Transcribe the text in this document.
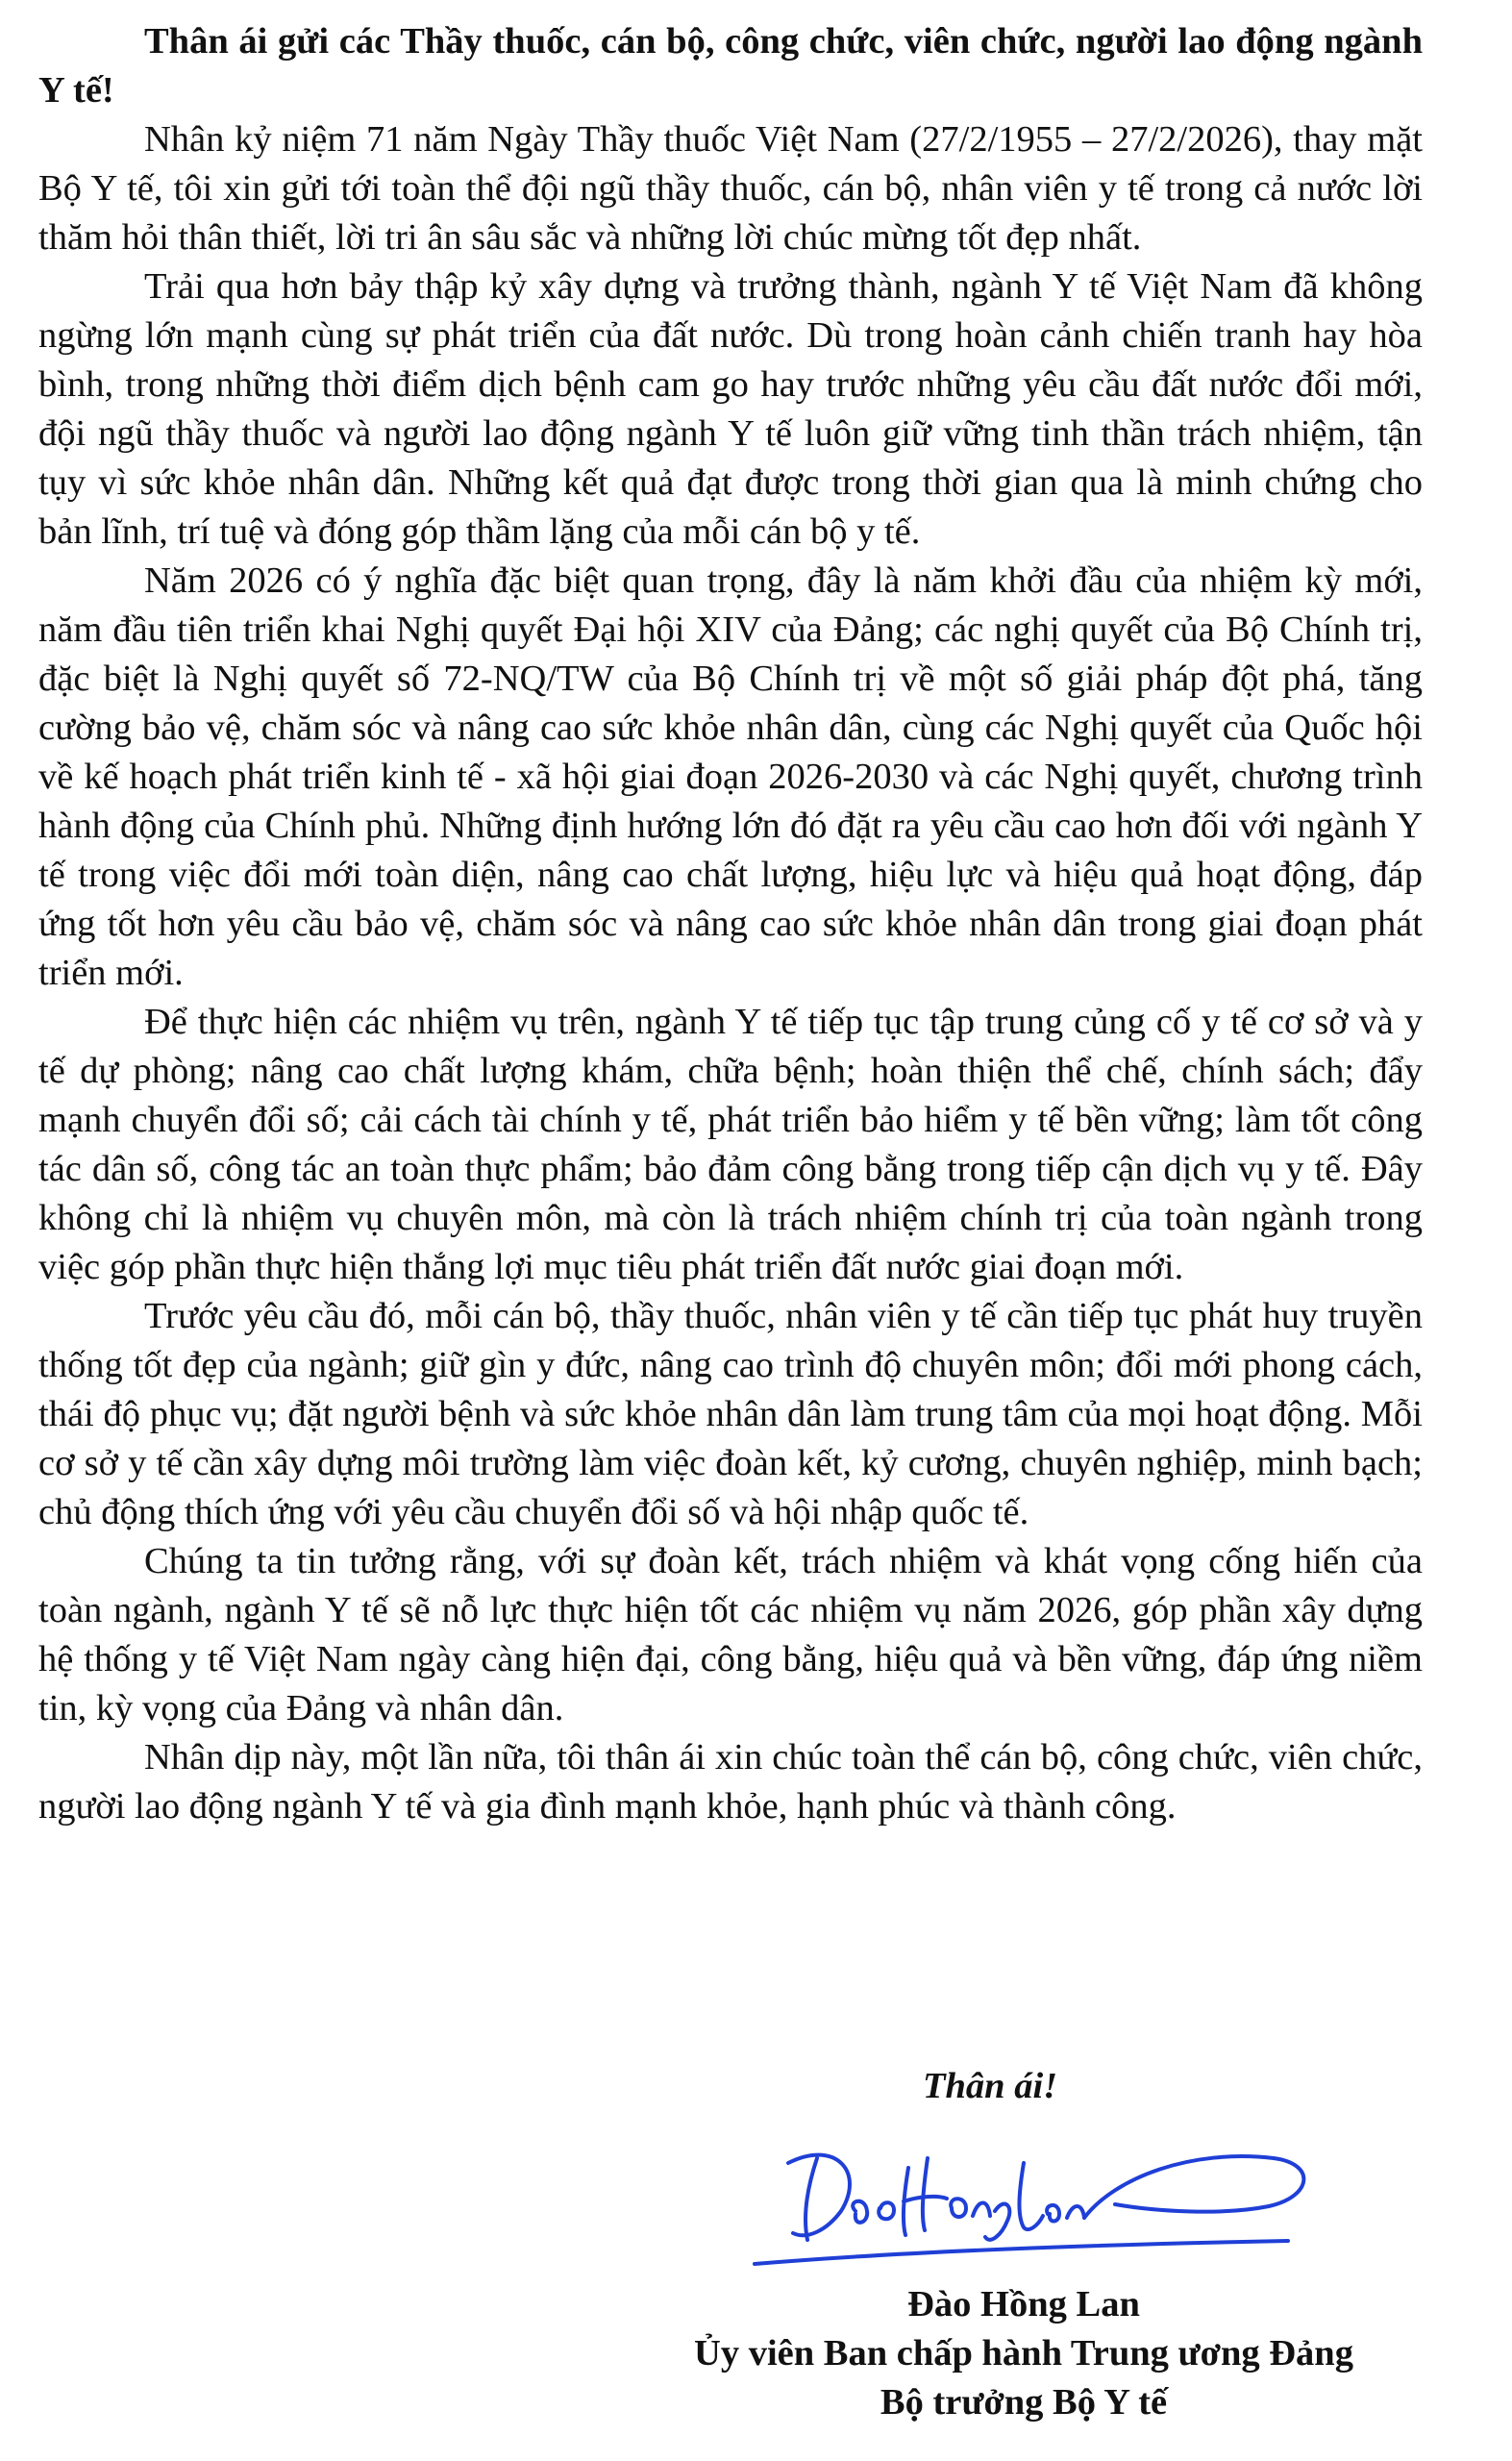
Thân ái gửi các Thầy thuốc, cán bộ, công chức, viên chức, người lao động ngành Y tế!

Nhân kỷ niệm 71 năm Ngày Thầy thuốc Việt Nam (27/2/1955 – 27/2/2026), thay mặt Bộ Y tế, tôi xin gửi tới toàn thể đội ngũ thầy thuốc, cán bộ, nhân viên y tế trong cả nước lời thăm hỏi thân thiết, lời tri ân sâu sắc và những lời chúc mừng tốt đẹp nhất.

Trải qua hơn bảy thập kỷ xây dựng và trưởng thành, ngành Y tế Việt Nam đã không ngừng lớn mạnh cùng sự phát triển của đất nước. Dù trong hoàn cảnh chiến tranh hay hòa bình, trong những thời điểm dịch bệnh cam go hay trước những yêu cầu đất nước đổi mới, đội ngũ thầy thuốc và người lao động ngành Y tế luôn giữ vững tinh thần trách nhiệm, tận tụy vì sức khỏe nhân dân. Những kết quả đạt được trong thời gian qua là minh chứng cho bản lĩnh, trí tuệ và đóng góp thầm lặng của mỗi cán bộ y tế.

Năm 2026 có ý nghĩa đặc biệt quan trọng, đây là năm khởi đầu của nhiệm kỳ mới, năm đầu tiên triển khai Nghị quyết Đại hội XIV của Đảng; các nghị quyết của Bộ Chính trị, đặc biệt là Nghị quyết số 72-NQ/TW của Bộ Chính trị về một số giải pháp đột phá, tăng cường bảo vệ, chăm sóc và nâng cao sức khỏe nhân dân, cùng các Nghị quyết của Quốc hội về kế hoạch phát triển kinh tế - xã hội giai đoạn 2026-2030 và các Nghị quyết, chương trình hành động của Chính phủ. Những định hướng lớn đó đặt ra yêu cầu cao hơn đối với ngành Y tế trong việc đổi mới toàn diện, nâng cao chất lượng, hiệu lực và hiệu quả hoạt động, đáp ứng tốt hơn yêu cầu bảo vệ, chăm sóc và nâng cao sức khỏe nhân dân trong giai đoạn phát triển mới.

Để thực hiện các nhiệm vụ trên, ngành Y tế tiếp tục tập trung củng cố y tế cơ sở và y tế dự phòng; nâng cao chất lượng khám, chữa bệnh; hoàn thiện thể chế, chính sách; đẩy mạnh chuyển đổi số; cải cách tài chính y tế, phát triển bảo hiểm y tế bền vững; làm tốt công tác dân số, công tác an toàn thực phẩm; bảo đảm công bằng trong tiếp cận dịch vụ y tế. Đây không chỉ là nhiệm vụ chuyên môn, mà còn là trách nhiệm chính trị của toàn ngành trong việc góp phần thực hiện thắng lợi mục tiêu phát triển đất nước giai đoạn mới.

Trước yêu cầu đó, mỗi cán bộ, thầy thuốc, nhân viên y tế cần tiếp tục phát huy truyền thống tốt đẹp của ngành; giữ gìn y đức, nâng cao trình độ chuyên môn; đổi mới phong cách, thái độ phục vụ; đặt người bệnh và sức khỏe nhân dân làm trung tâm của mọi hoạt động. Mỗi cơ sở y tế cần xây dựng môi trường làm việc đoàn kết, kỷ cương, chuyên nghiệp, minh bạch; chủ động thích ứng với yêu cầu chuyển đổi số và hội nhập quốc tế.

Chúng ta tin tưởng rằng, với sự đoàn kết, trách nhiệm và khát vọng cống hiến của toàn ngành, ngành Y tế sẽ nỗ lực thực hiện tốt các nhiệm vụ năm 2026, góp phần xây dựng hệ thống y tế Việt Nam ngày càng hiện đại, công bằng, hiệu quả và bền vững, đáp ứng niềm tin, kỳ vọng của Đảng và nhân dân.

Nhân dịp này, một lần nữa, tôi thân ái xin chúc toàn thể cán bộ, công chức, viên chức, người lao động ngành Y tế và gia đình mạnh khỏe, hạnh phúc và thành công.

Thân ái!
Đào Hồng Lan
Ủy viên Ban chấp hành Trung ương Đảng
Bộ trưởng Bộ Y tế
